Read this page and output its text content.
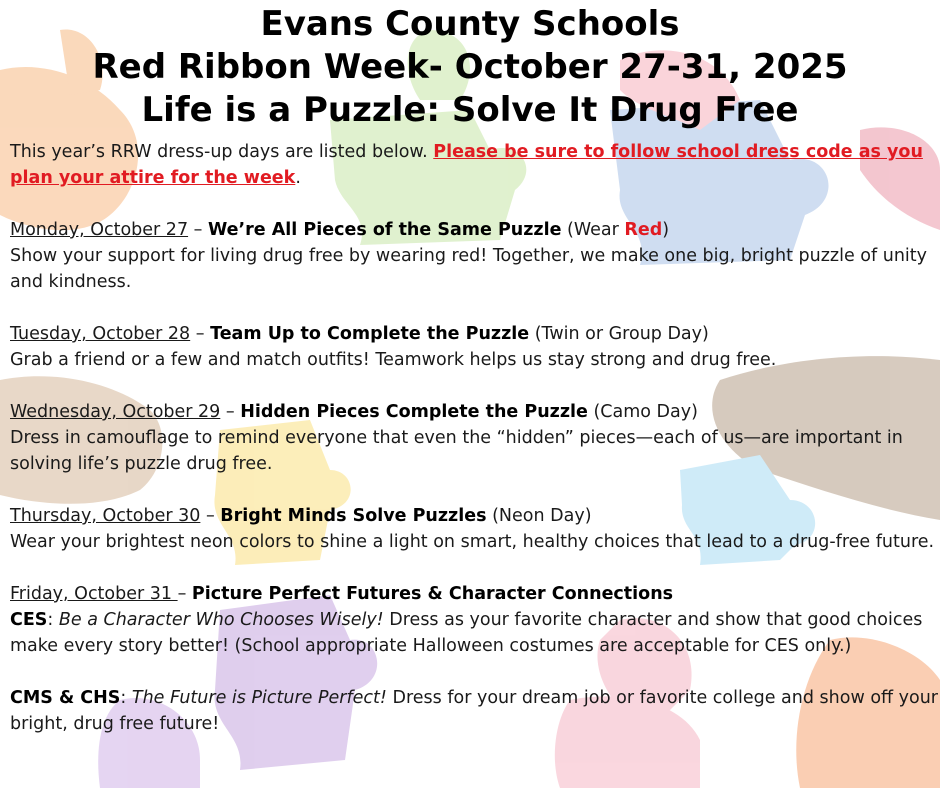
Evans County Schools
Red Ribbon Week- October 27-31, 2025
Life is a Puzzle: Solve It Drug Free

This year’s RRW dress-up days are listed below. Please be sure to follow school dress code as you plan your attire for the week.

Monday, October 27 – We’re All Pieces of the Same Puzzle (Wear Red)

Show your support for living drug free by wearing red! Together, we make one big, bright puzzle of unity and kindness.

Tuesday, October 28 – Team Up to Complete the Puzzle (Twin or Group Day)

Grab a friend or a few and match outfits! Teamwork helps us stay strong and drug free.

Wednesday, October 29 – Hidden Pieces Complete the Puzzle (Camo Day)

Dress in camouflage to remind everyone that even the “hidden” pieces—each of us—are important in solving life’s puzzle drug free.

Thursday, October 30 – Bright Minds Solve Puzzles (Neon Day)

Wear your brightest neon colors to shine a light on smart, healthy choices that lead to a drug-free future.

Friday, October 31 – Picture Perfect Futures & Character Connections

CES: Be a Character Who Chooses Wisely! Dress as your favorite character and show that good choices make every story better! (School appropriate Halloween costumes are acceptable for CES only.)

CMS & CHS: The Future is Picture Perfect! Dress for your dream job or favorite college and show off your bright, drug free future!
